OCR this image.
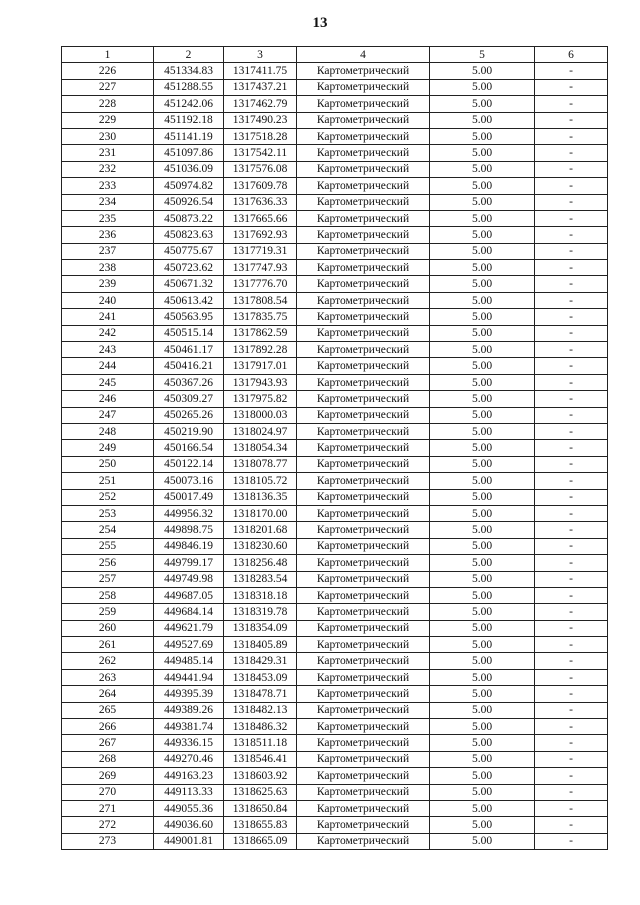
13
1	2	3	4	5	6
226	451334.83	1317411.75	Картометрический	5.00	-
227	451288.55	1317437.21	Картометрический	5.00	-
228	451242.06	1317462.79	Картометрический	5.00	-
229	451192.18	1317490.23	Картометрический	5.00	-
230	451141.19	1317518.28	Картометрический	5.00	-
231	451097.86	1317542.11	Картометрический	5.00	-
232	451036.09	1317576.08	Картометрический	5.00	-
233	450974.82	1317609.78	Картометрический	5.00	-
234	450926.54	1317636.33	Картометрический	5.00	-
235	450873.22	1317665.66	Картометрический	5.00	-
236	450823.63	1317692.93	Картометрический	5.00	-
237	450775.67	1317719.31	Картометрический	5.00	-
238	450723.62	1317747.93	Картометрический	5.00	-
239	450671.32	1317776.70	Картометрический	5.00	-
240	450613.42	1317808.54	Картометрический	5.00	-
241	450563.95	1317835.75	Картометрический	5.00	-
242	450515.14	1317862.59	Картометрический	5.00	-
243	450461.17	1317892.28	Картометрический	5.00	-
244	450416.21	1317917.01	Картометрический	5.00	-
245	450367.26	1317943.93	Картометрический	5.00	-
246	450309.27	1317975.82	Картометрический	5.00	-
247	450265.26	1318000.03	Картометрический	5.00	-
248	450219.90	1318024.97	Картометрический	5.00	-
249	450166.54	1318054.34	Картометрический	5.00	-
250	450122.14	1318078.77	Картометрический	5.00	-
251	450073.16	1318105.72	Картометрический	5.00	-
252	450017.49	1318136.35	Картометрический	5.00	-
253	449956.32	1318170.00	Картометрический	5.00	-
254	449898.75	1318201.68	Картометрический	5.00	-
255	449846.19	1318230.60	Картометрический	5.00	-
256	449799.17	1318256.48	Картометрический	5.00	-
257	449749.98	1318283.54	Картометрический	5.00	-
258	449687.05	1318318.18	Картометрический	5.00	-
259	449684.14	1318319.78	Картометрический	5.00	-
260	449621.79	1318354.09	Картометрический	5.00	-
261	449527.69	1318405.89	Картометрический	5.00	-
262	449485.14	1318429.31	Картометрический	5.00	-
263	449441.94	1318453.09	Картометрический	5.00	-
264	449395.39	1318478.71	Картометрический	5.00	-
265	449389.26	1318482.13	Картометрический	5.00	-
266	449381.74	1318486.32	Картометрический	5.00	-
267	449336.15	1318511.18	Картометрический	5.00	-
268	449270.46	1318546.41	Картометрический	5.00	-
269	449163.23	1318603.92	Картометрический	5.00	-
270	449113.33	1318625.63	Картометрический	5.00	-
271	449055.36	1318650.84	Картометрический	5.00	-
272	449036.60	1318655.83	Картометрический	5.00	-
273	449001.81	1318665.09	Картометрический	5.00	-
